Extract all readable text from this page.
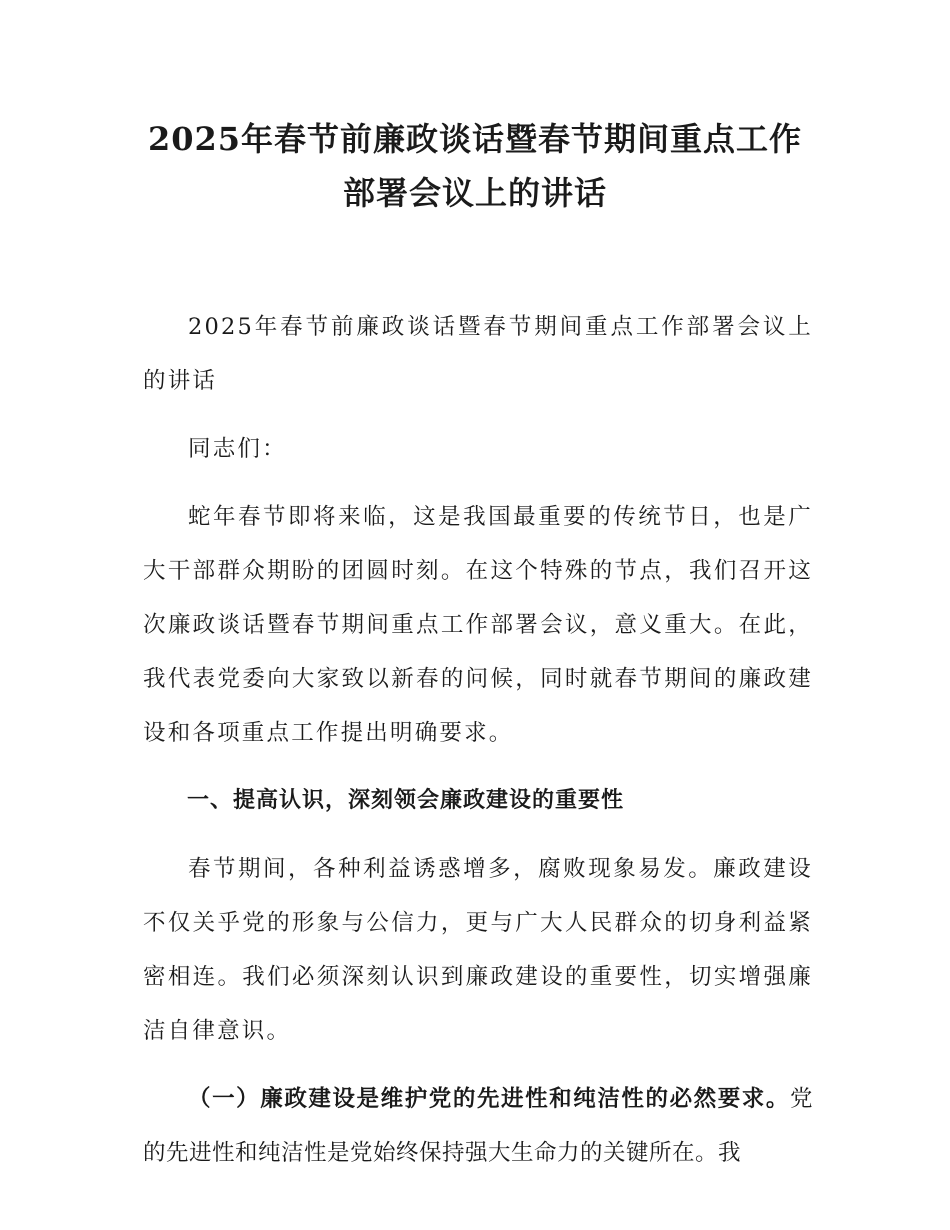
2025年春节前廉政谈话暨春节期间重点工作
部署会议上的讲话

2025年春节前廉政谈话暨春节期间重点工作部署会议上的讲话

同志们：

蛇年春节即将来临，这是我国最重要的传统节日，也是广大干部群众期盼的团圆时刻。在这个特殊的节点，我们召开这次廉政谈话暨春节期间重点工作部署会议，意义重大。在此，我代表党委向大家致以新春的问候，同时就春节期间的廉政建设和各项重点工作提出明确要求。

一、提高认识，深刻领会廉政建设的重要性

春节期间，各种利益诱惑增多，腐败现象易发。廉政建设不仅关乎党的形象与公信力，更与广大人民群众的切身利益紧密相连。我们必须深刻认识到廉政建设的重要性，切实增强廉洁自律意识。

（一）廉政建设是维护党的先进性和纯洁性的必然要求。党的先进性和纯洁性是党始终保持强大生命力的关键所在。我
